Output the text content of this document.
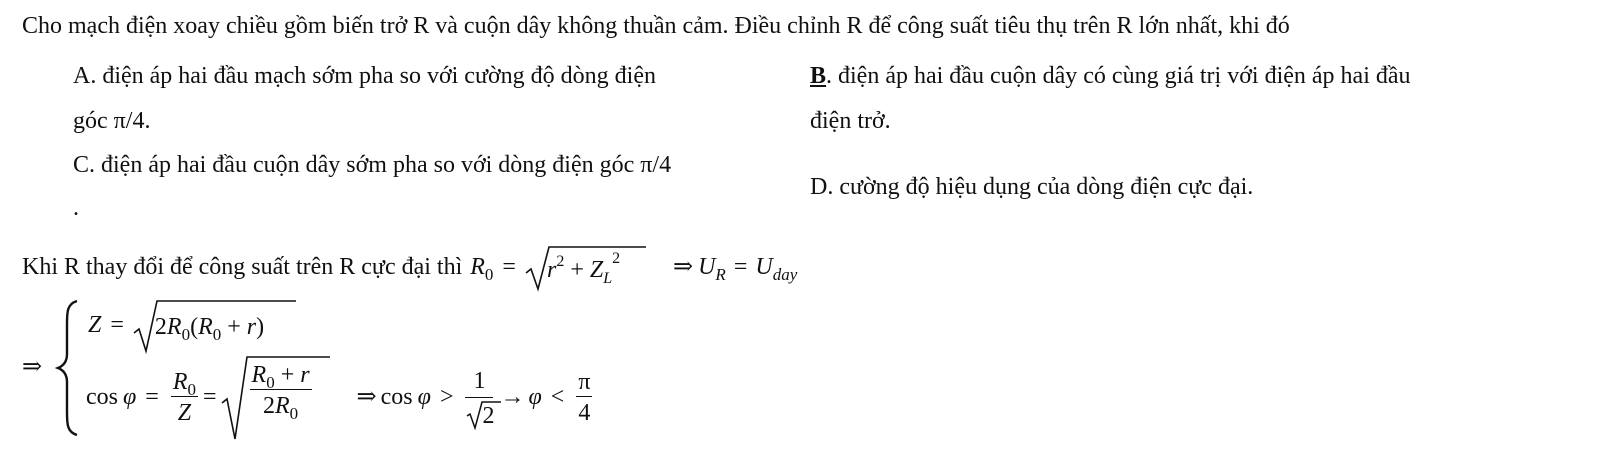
Cho mạch điện xoay chiều gồm biến trở R và cuộn dây không thuần cảm. Điều chỉnh R để công suất tiêu thụ trên R lớn nhất, khi đó
A. điện áp hai đầu mạch sớm pha so với cường độ dòng điện
góc π/4.
B. điện áp hai đầu cuộn dây có cùng giá trị với điện áp hai đầu
điện trở.
C. điện áp hai đầu cuộn dây sớm pha so với dòng điện góc π/4
.
D. cường độ hiệu dụng của dòng điện cực đại.
Khi R thay đổi để công suất trên R cực đại thì $R_0 = r^2 + Z_L^2$ ⇒ $U_R = U_{day}$
⇒
$Z = 2R_0(R_0 + r)$
$\cos \varphi = \frac{R_0}{Z} = \frac{R_0 + r}{2R_0}$ ⇒ $\cos \varphi > \frac{1}{2} \to \varphi < \frac{\pi}{4}$
